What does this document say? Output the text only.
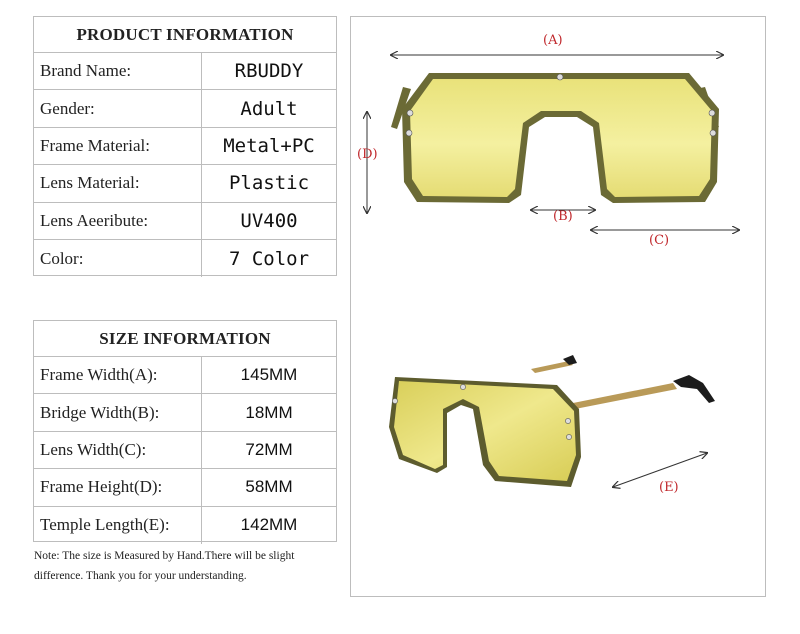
PRODUCT INFORMATION
Brand Name:	RBUDDY
Gender:	Adult
Frame Material:	Metal+PC
Lens Material:	Plastic
Lens Aeeribute:	UV400
Color:	7 Color
SIZE INFORMATION
Frame Width(A):	145MM
Bridge Width(B):	18MM
Lens Width(C):	72MM
Frame Height(D):	58MM
Temple Length(E):	142MM
Note: The size is Measured by Hand.There will be slight difference. Thank you for your understanding.
(A)
(D)
(B)
(C)
(E)
